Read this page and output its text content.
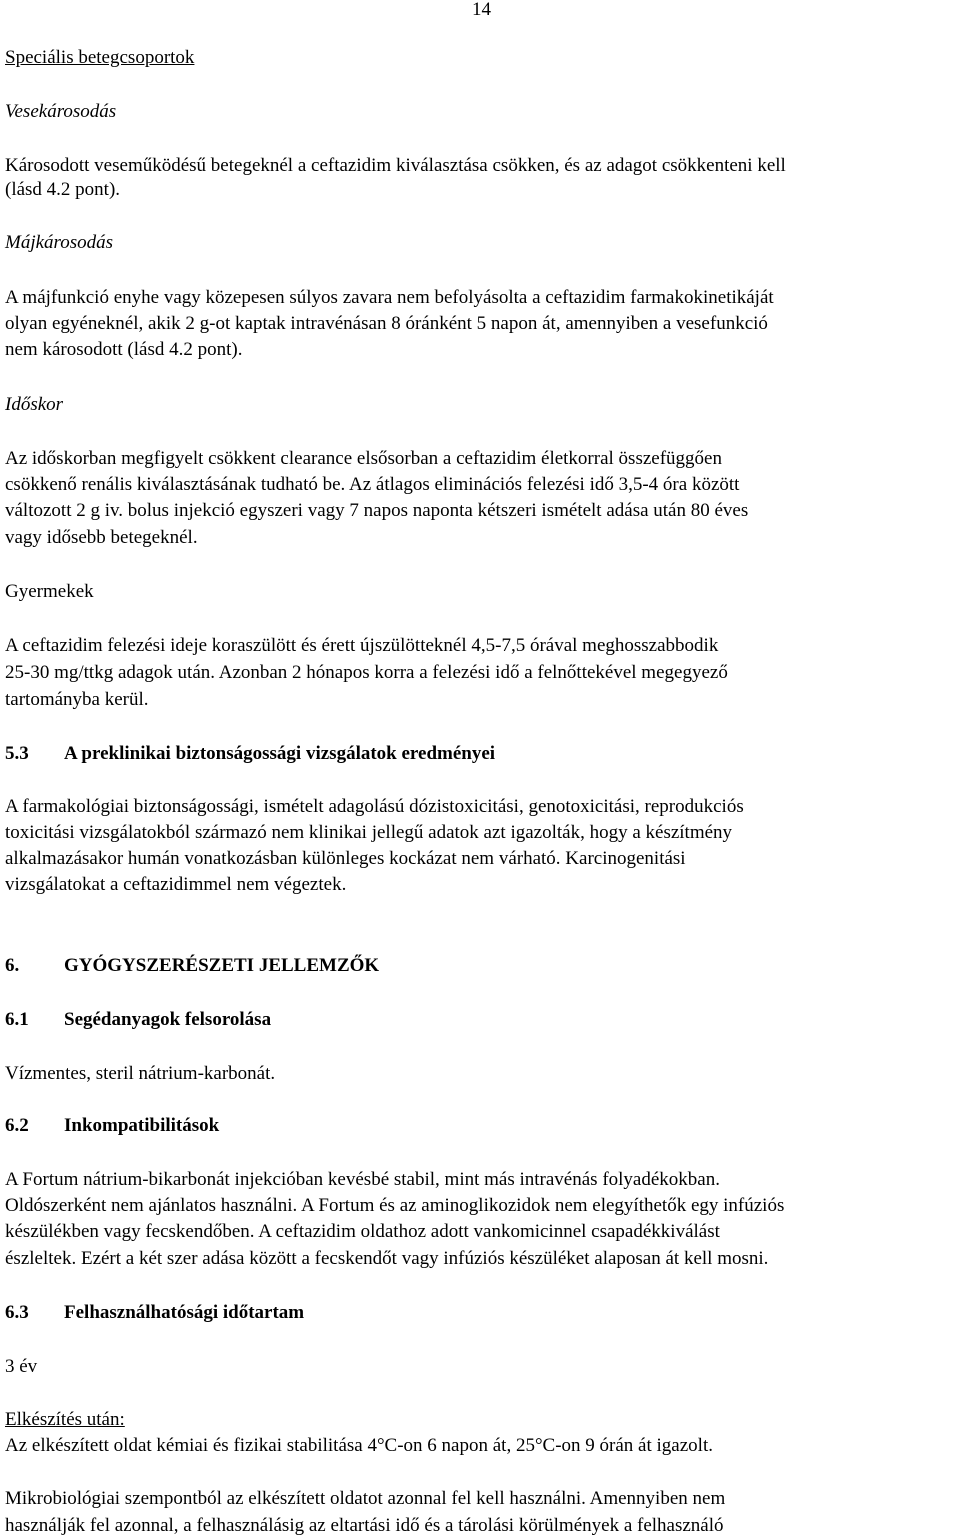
14
Speciális betegcsoportok
Vesekárosodás
Károsodott veseműködésű betegeknél a ceftazidim kiválasztása csökken, és az adagot csökkenteni kell
(lásd 4.2 pont).
Májkárosodás
A májfunkció enyhe vagy közepesen súlyos zavara nem befolyásolta a ceftazidim farmakokinetikáját
olyan egyéneknél, akik 2 g-ot kaptak intravénásan 8 óránként 5 napon át, amennyiben a vesefunkció
nem károsodott (lásd 4.2 pont).
Időskor
Az időskorban megfigyelt csökkent clearance elsősorban a ceftazidim életkorral összefüggően
csökkenő renális kiválasztásának tudható be. Az átlagos eliminációs felezési idő 3,5-4 óra között
változott 2 g iv. bolus injekció egyszeri vagy 7 napos naponta kétszeri ismételt adása után 80 éves
vagy idősebb betegeknél.
Gyermekek
A ceftazidim felezési ideje koraszülött és érett újszülötteknél 4,5-7,5 órával meghosszabbodik
25-30 mg/ttkg adagok után. Azonban 2 hónapos korra a felezési idő a felnőttekével megegyező
tartományba kerül.
5.3 A preklinikai biztonságossági vizsgálatok eredményei
A farmakológiai biztonságossági, ismételt adagolású dózistoxicitási, genotoxicitási, reprodukciós
toxicitási vizsgálatokból származó nem klinikai jellegű adatok azt igazolták, hogy a készítmény
alkalmazásakor humán vonatkozásban különleges kockázat nem várható. Karcinogenitási
vizsgálatokat a ceftazidimmel nem végeztek.
6. GYÓGYSZERÉSZETI JELLEMZŐK
6.1 Segédanyagok felsorolása
Vízmentes, steril nátrium-karbonát.
6.2 Inkompatibilitások
A Fortum nátrium-bikarbonát injekcióban kevésbé stabil, mint más intravénás folyadékokban.
Oldószerként nem ajánlatos használni. A Fortum és az aminoglikozidok nem elegyíthetők egy infúziós
készülékben vagy fecskendőben. A ceftazidim oldathoz adott vankomicinnel csapadékkiválást
észleltek. Ezért a két szer adása között a fecskendőt vagy infúziós készüléket alaposan át kell mosni.
6.3 Felhasználhatósági időtartam
3 év
Elkészítés után:
Az elkészített oldat kémiai és fizikai stabilitása 4°C-on 6 napon át, 25°C-on 9 órán át igazolt.
Mikrobiológiai szempontból az elkészített oldatot azonnal fel kell használni. Amennyiben nem
használják fel azonnal, a felhasználásig az eltartási idő és a tárolási körülmények a felhasználó
